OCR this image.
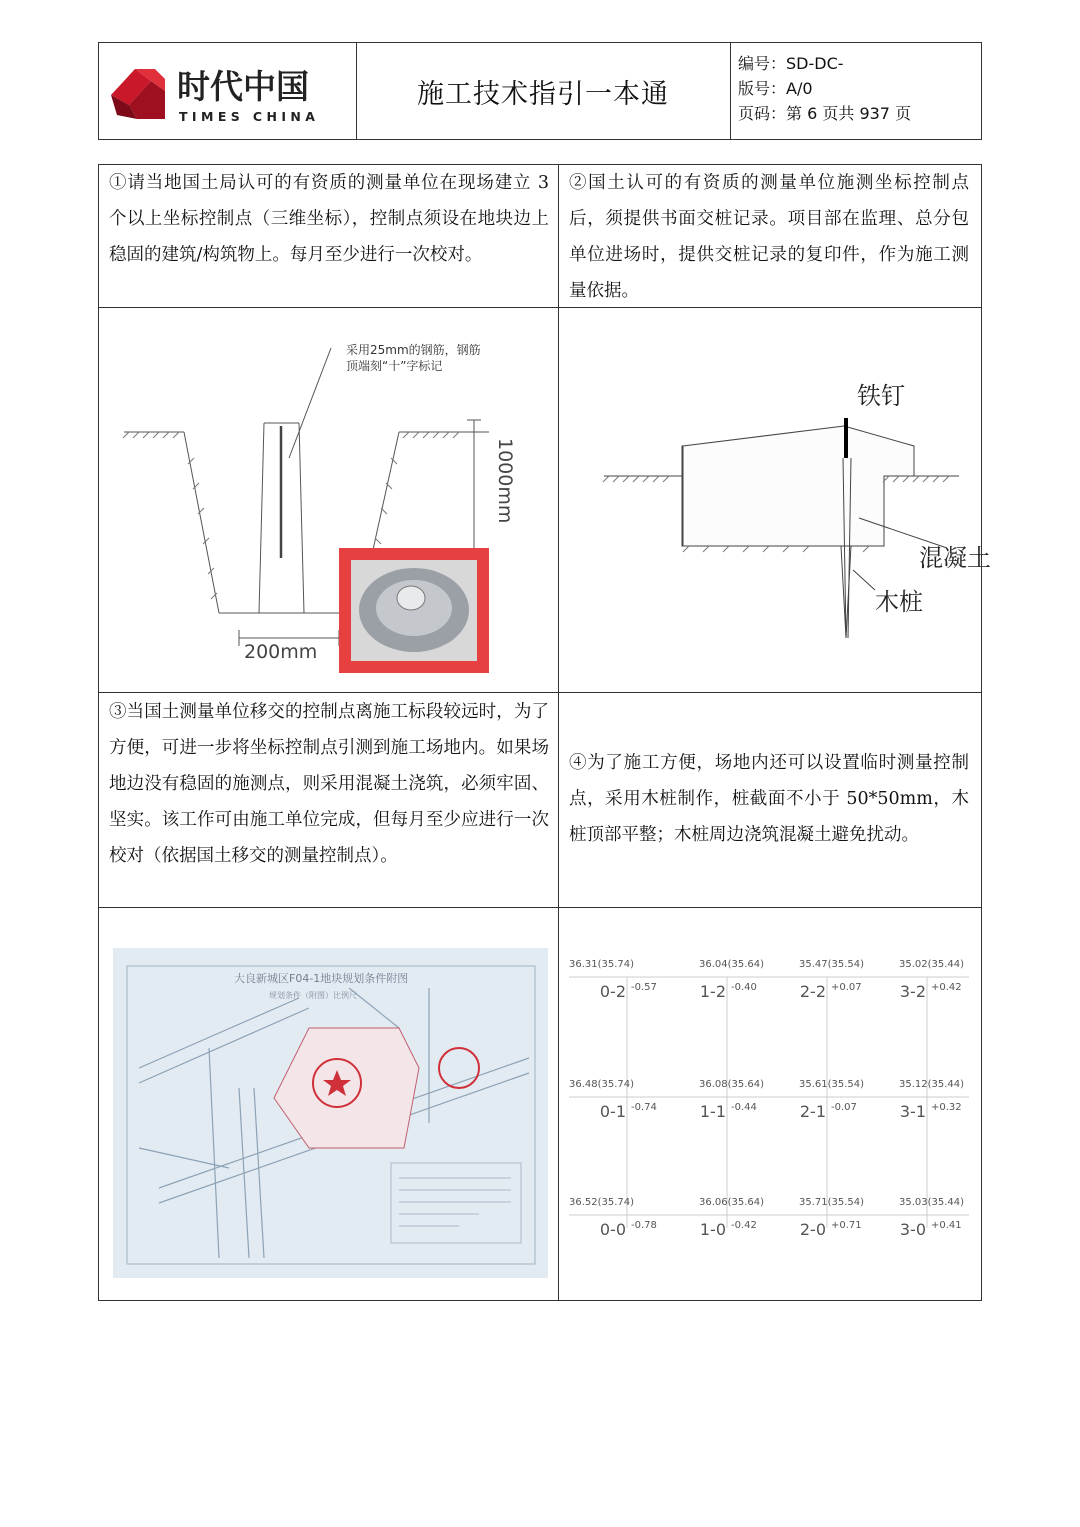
时代中国
TIMES CHINA
施工技术指引一本通
编号：SD-DC-
版号：A/0
页码：第 6 页共 937 页
①请当地国土局认可的有资质的测量单位在现场建立 3 个以上坐标控制点（三维坐标），控制点须设在地块边上稳固的建筑/构筑物上。每月至少进行一次校对。
②国土认可的有资质的测量单位施测坐标控制点后，须提供书面交桩记录。项目部在监理、总分包单位进场时，提供交桩记录的复印件，作为施工测量依据。
③当国土测量单位移交的控制点离施工标段较远时，为了方便，可进一步将坐标控制点引测到施工场地内。如果场地边没有稳固的施测点，则采用混凝土浇筑，必须牢固、坚实。该工作可由施工单位完成，但每月至少应进行一次校对（依据国土移交的测量控制点）。
④为了施工方便，场地内还可以设置临时测量控制点，采用木桩制作，桩截面不小于 50*50mm，木桩顶部平整；木桩周边浇筑混凝土避免扰动。
采用25mm的钢筋，钢筋
顶端刻“十”字标记
1000mm
200mm
铁钉
混凝土
木桩
大良新城区F04-1地块规划条件附图
规划条件（附图）比例尺
36.31(35.74)
0-2 -0.57
36.04(35.64)
1-2 -0.40
35.47(35.54)
2-2 +0.07
35.02(35.44)
3-2 +0.42
36.48(35.74)
0-1 -0.74
36.08(35.64)
1-1 -0.44
35.61(35.54)
2-1 -0.07
35.12(35.44)
3-1 +0.32
36.52(35.74)
0-0 -0.78
36.06(35.64)
1-0 -0.42
35.71(35.54)
2-0 +0.71
35.03(35.44)
3-0 +0.41
